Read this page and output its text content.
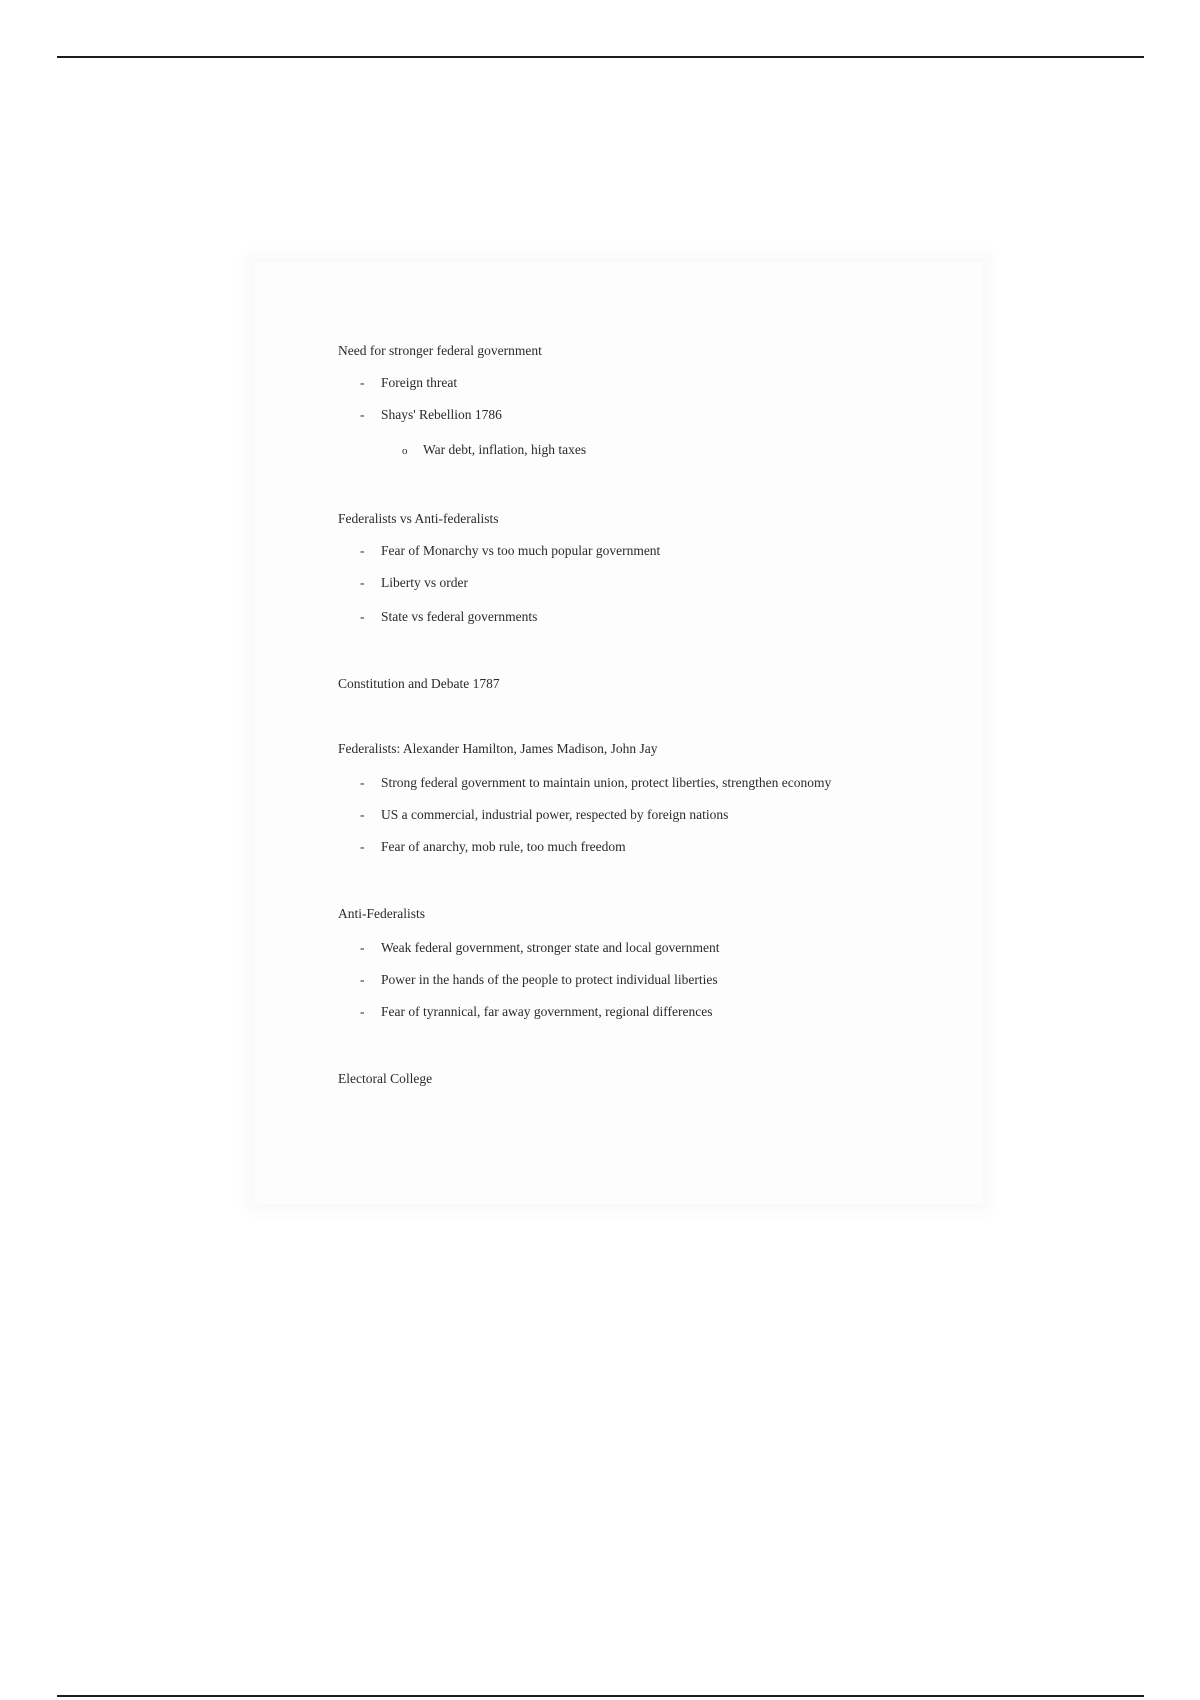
Need for stronger federal government
- Foreign threat
- Shays' Rebellion 1786
o War debt, inflation, high taxes
Federalists vs Anti-federalists
- Fear of Monarchy vs too much popular government
- Liberty vs order
- State vs federal governments
Constitution and Debate 1787
Federalists: Alexander Hamilton, James Madison, John Jay
- Strong federal government to maintain union, protect liberties, strengthen economy
- US a commercial, industrial power, respected by foreign nations
- Fear of anarchy, mob rule, too much freedom
Anti-Federalists
- Weak federal government, stronger state and local government
- Power in the hands of the people to protect individual liberties
- Fear of tyrannical, far away government, regional differences
Electoral College
